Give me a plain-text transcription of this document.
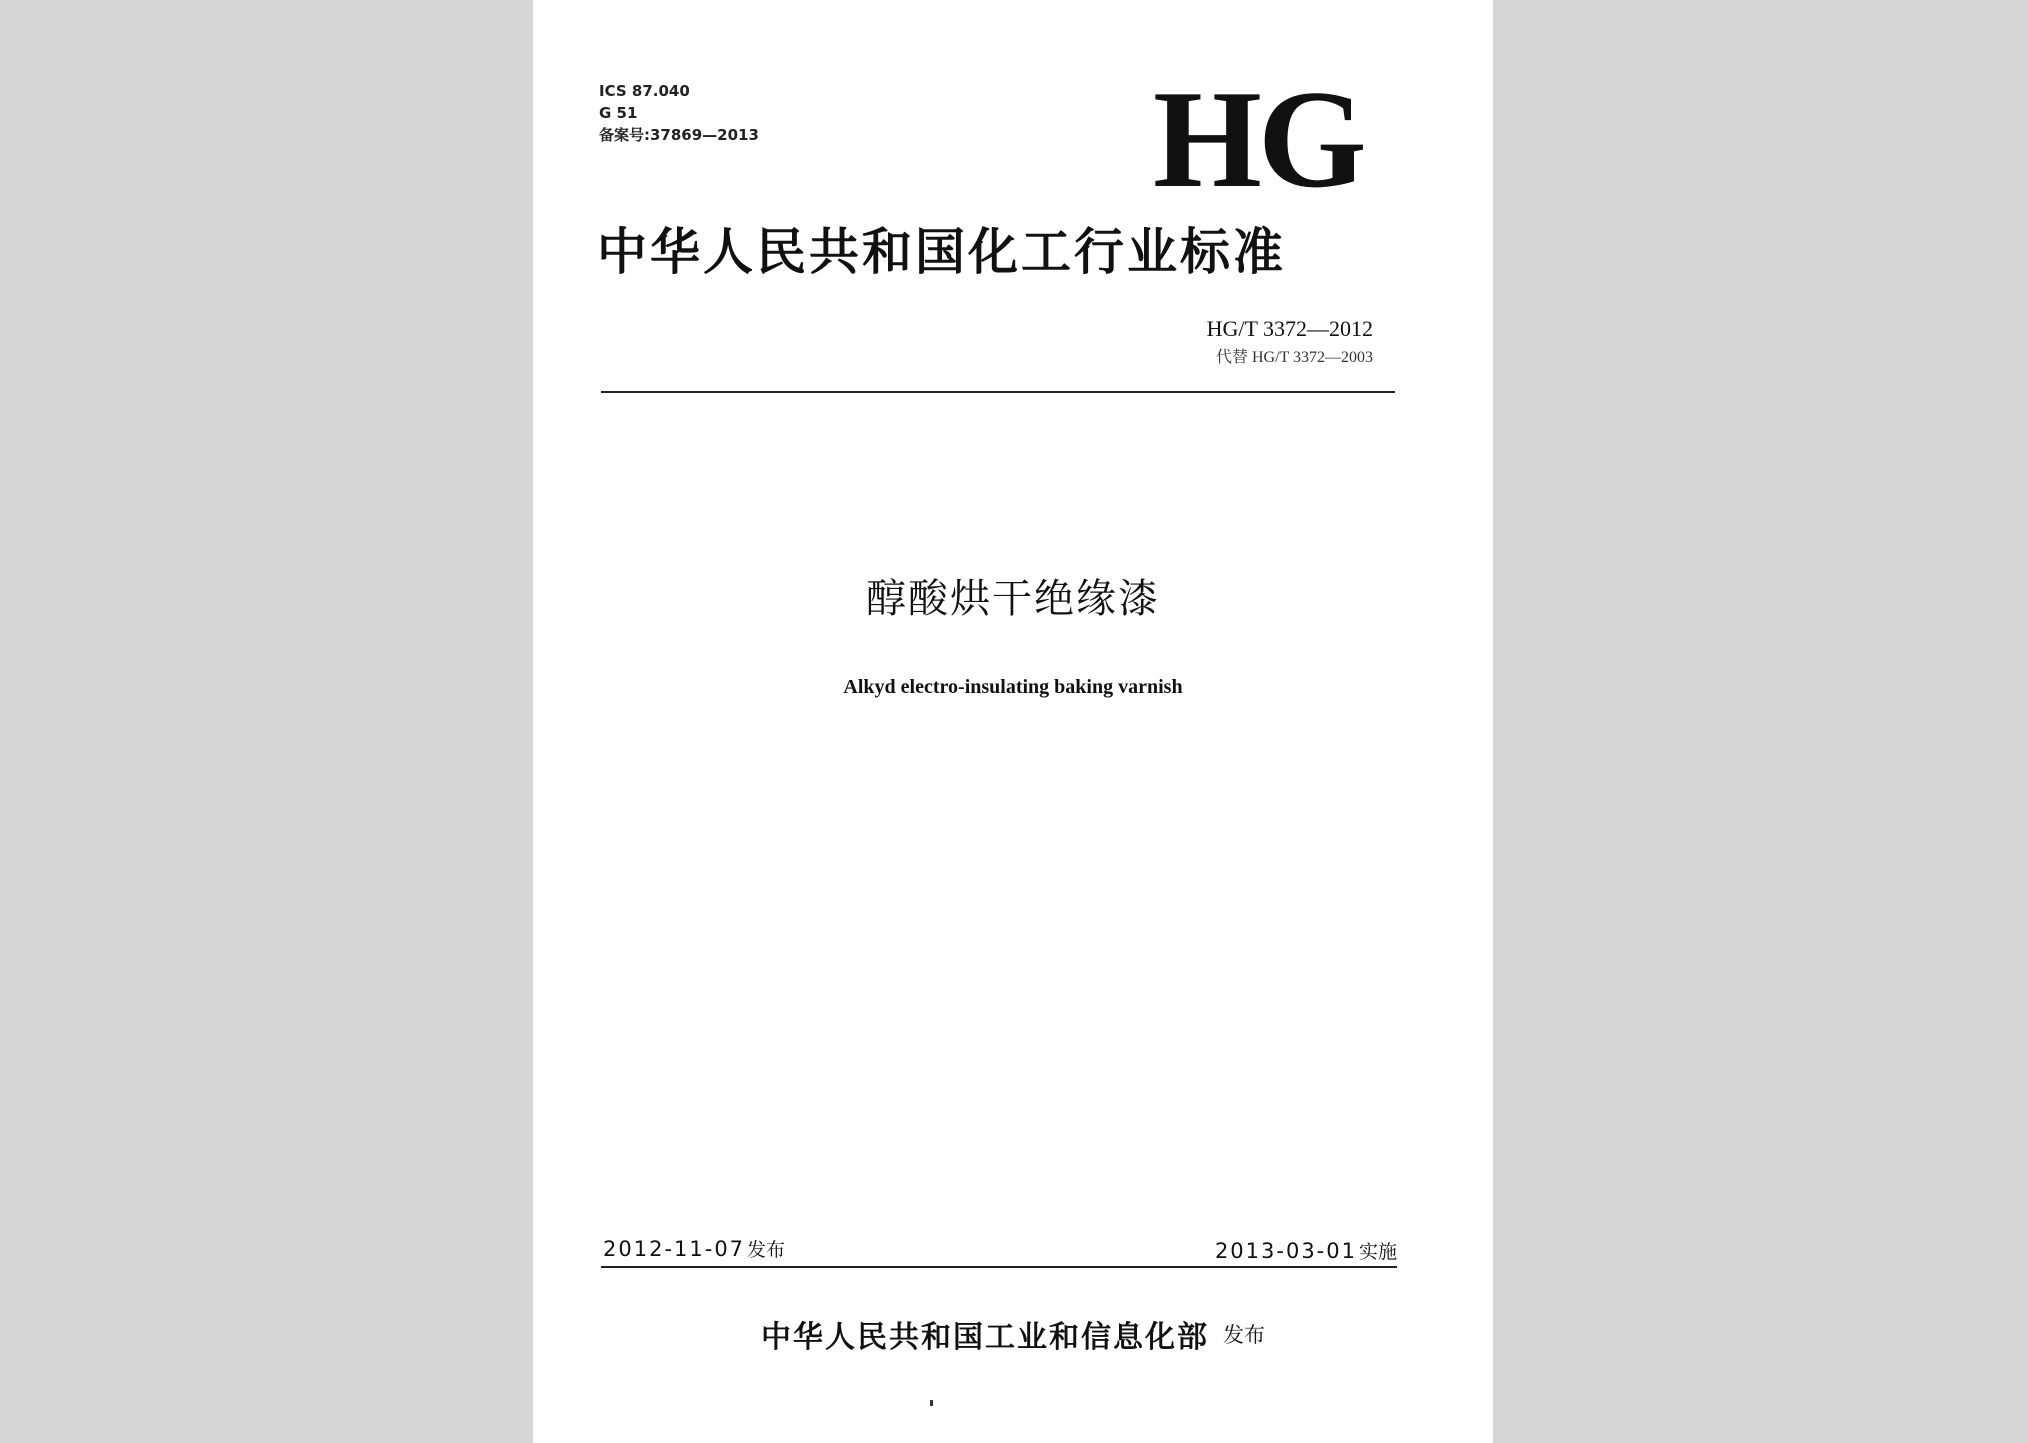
ICS 87.040
G 51
备案号:37869—2013	HG
中华人民共和国化工行业标准
HG/T 3372—2012
代替 HG/T 3372—2003
醇酸烘干绝缘漆
Alkyd electro-insulating baking varnish
2012-11-07 发布	2013-03-01 实施
中华人民共和国工业和信息化部 发布
